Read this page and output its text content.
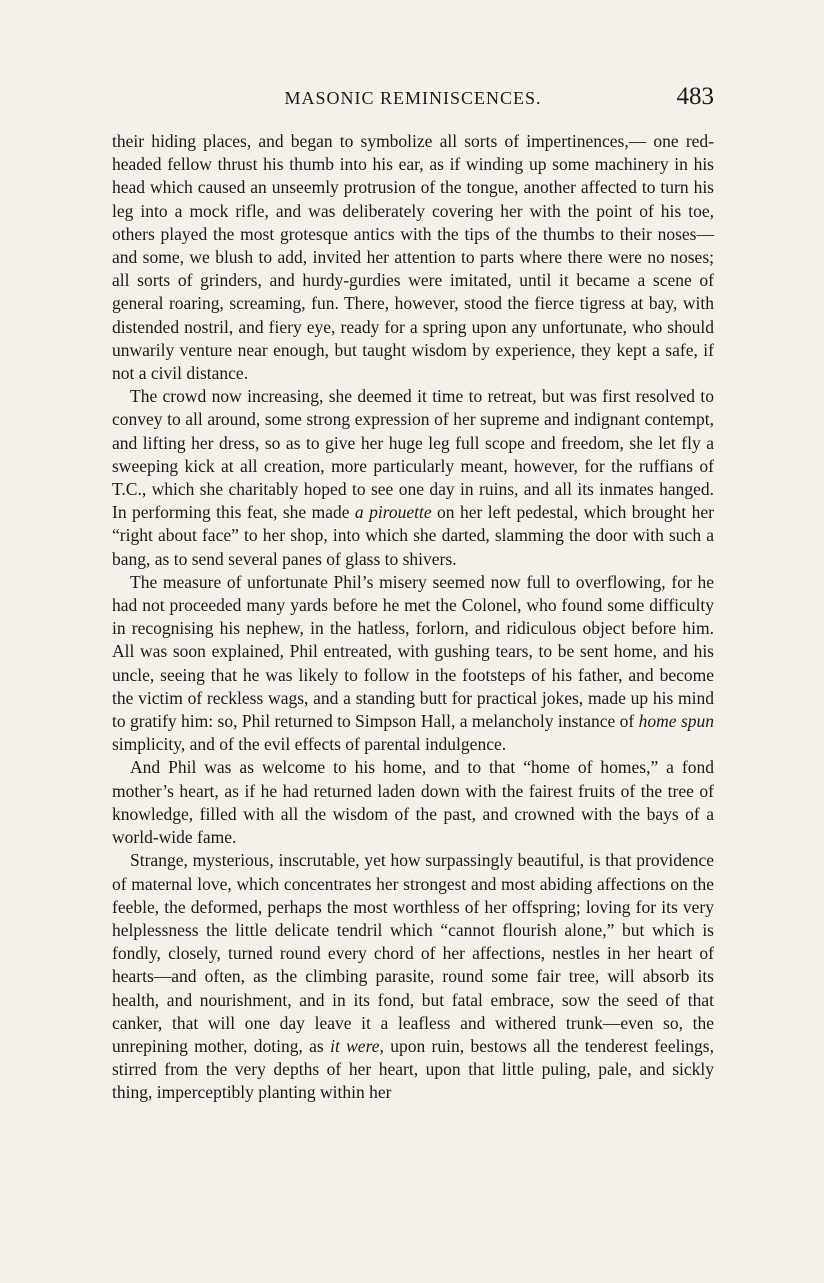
MASONIC REMINISCENCES.	483

their hiding places, and began to symbolize all sorts of impertinences,— one red-headed fellow thrust his thumb into his ear, as if winding up some machinery in his head which caused an unseemly protrusion of the tongue, another affected to turn his leg into a mock rifle, and was deliberately covering her with the point of his toe, others played the most grotesque antics with the tips of the thumbs to their noses—and some, we blush to add, invited her attention to parts where there were no noses; all sorts of grinders, and hurdy-gurdies were imitated, until it became a scene of general roaring, screaming, fun. There, however, stood the fierce tigress at bay, with distended nostril, and fiery eye, ready for a spring upon any unfortunate, who should unwarily venture near enough, but taught wisdom by experience, they kept a safe, if not a civil distance.

The crowd now increasing, she deemed it time to retreat, but was first resolved to convey to all around, some strong expression of her supreme and indignant contempt, and lifting her dress, so as to give her huge leg full scope and freedom, she let fly a sweeping kick at all creation, more particularly meant, however, for the ruffians of T.C., which she charitably hoped to see one day in ruins, and all its inmates hanged. In performing this feat, she made a pirouette on her left pedestal, which brought her “right about face” to her shop, into which she darted, slamming the door with such a bang, as to send several panes of glass to shivers.

The measure of unfortunate Phil’s misery seemed now full to overflowing, for he had not proceeded many yards before he met the Colonel, who found some difficulty in recognising his nephew, in the hatless, forlorn, and ridiculous object before him. All was soon explained, Phil entreated, with gushing tears, to be sent home, and his uncle, seeing that he was likely to follow in the footsteps of his father, and become the victim of reckless wags, and a standing butt for practical jokes, made up his mind to gratify him: so, Phil returned to Simpson Hall, a melancholy instance of home spun simplicity, and of the evil effects of parental indulgence.

And Phil was as welcome to his home, and to that “home of homes,” a fond mother’s heart, as if he had returned laden down with the fairest fruits of the tree of knowledge, filled with all the wisdom of the past, and crowned with the bays of a world-wide fame.

Strange, mysterious, inscrutable, yet how surpassingly beautiful, is that providence of maternal love, which concentrates her strongest and most abiding affections on the feeble, the deformed, perhaps the most worthless of her offspring; loving for its very helplessness the little delicate tendril which “cannot flourish alone,” but which is fondly, closely, turned round every chord of her affections, nestles in her heart of hearts—and often, as the climbing parasite, round some fair tree, will absorb its health, and nourishment, and in its fond, but fatal embrace, sow the seed of that canker, that will one day leave it a leafless and withered trunk—even so, the unrepining mother, doting, as it were, upon ruin, bestows all the tenderest feelings, stirred from the very depths of her heart, upon that little puling, pale, and sickly thing, imperceptibly planting within her
